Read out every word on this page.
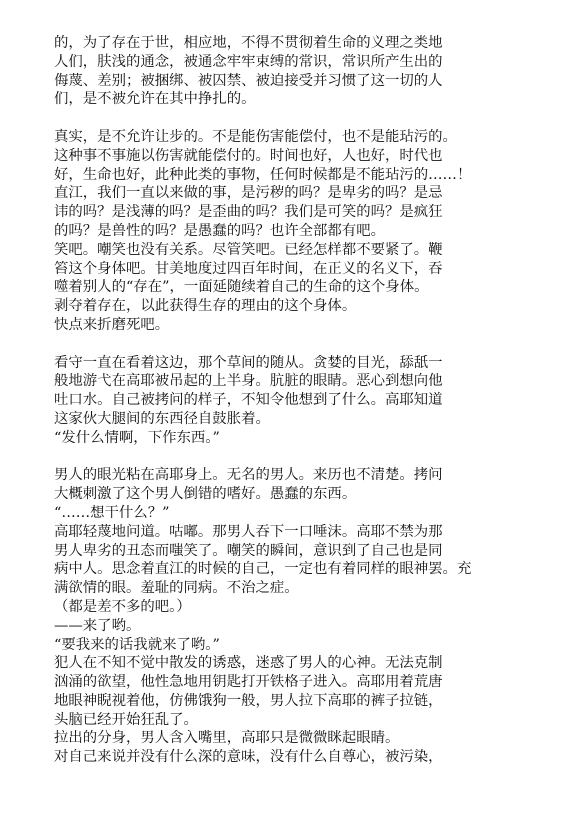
的，为了存在于世，相应地，不得不贯彻着生命的义理之类地
人们，肤浅的通念，被通念牢牢束缚的常识，常识所产生出的
侮蔑、差别；被捆绑、被囚禁、被迫接受并习惯了这一切的人
们，是不被允许在其中挣扎的。
真实，是不允许让步的。不是能伤害能偿付，也不是能玷污的。
这种事不事施以伤害就能偿付的。时间也好，人也好，时代也
好，生命也好，此种此类的事物，任何时候都是不能玷污的……！
直江，我们一直以来做的事，是污秽的吗？是卑劣的吗？是忌
讳的吗？是浅薄的吗？是歪曲的吗？我们是可笑的吗？是疯狂
的吗？是兽性的吗？是愚蠢的吗？也许全部都有吧。
笑吧。嘲笑也没有关系。尽管笑吧。已经怎样都不要紧了。鞭
笞这个身体吧。甘美地度过四百年时间，在正义的名义下，吞
噬着别人的“存在”，一面延随续着自己的生命的这个身体。
剥夺着存在，以此获得生存的理由的这个身体。
快点来折磨死吧。
看守一直在看着这边，那个草间的随从。贪婪的目光，舔舐一
般地游弋在高耶被吊起的上半身。肮脏的眼睛。恶心到想向他
吐口水。自己被拷问的样子，不知令他想到了什么。高耶知道
这家伙大腿间的东西径自鼓胀着。
“发什么情啊，下作东西。”
男人的眼光粘在高耶身上。无名的男人。来历也不清楚。拷问
大概刺激了这个男人倒错的嗜好。愚蠢的东西。
“……想干什么？”
高耶轻蔑地问道。咕嘟。那男人吞下一口唾沫。高耶不禁为那
男人卑劣的丑态而嗤笑了。嘲笑的瞬间，意识到了自己也是同
病中人。思念着直江的时候的自己，一定也有着同样的眼神罢。充
满欲情的眼。羞耻的同病。不治之症。
（都是差不多的吧。）
——来了哟。
“要我来的话我就来了哟。”
犯人在不知不觉中散发的诱惑，迷惑了男人的心神。无法克制
汹涌的欲望，他性急地用钥匙打开铁格子进入。高耶用着荒唐
地眼神睨视着他，仿佛饿狗一般，男人拉下高耶的裤子拉链，
头脑已经开始狂乱了。
拉出的分身，男人含入嘴里，高耶只是微微眯起眼睛。
对自己来说并没有什么深的意味，没有什么自尊心，被污染，
